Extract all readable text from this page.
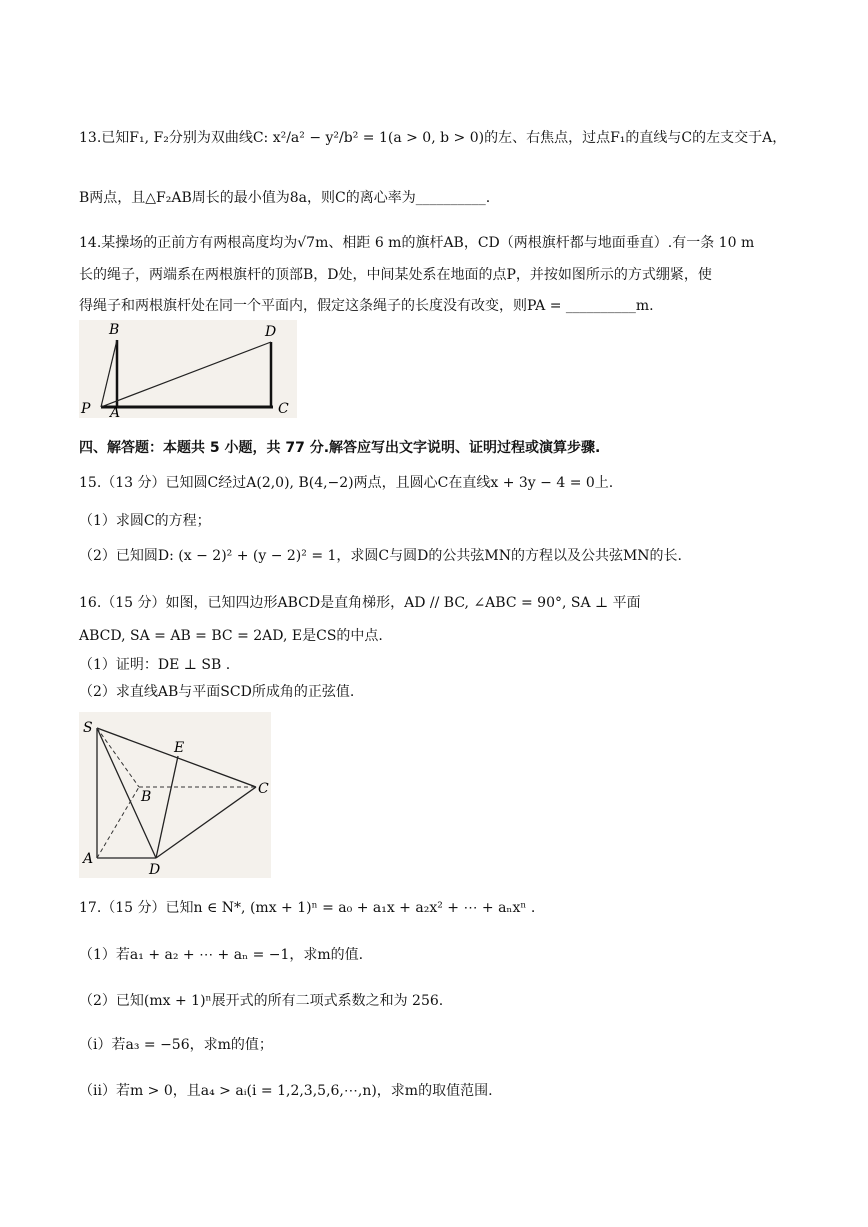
13.已知F₁, F₂分别为双曲线C: x²/a² − y²/b² = 1(a > 0, b > 0)的左、右焦点，过点F₁的直线与C的左支交于A，
B两点，且△F₂AB周长的最小值为8a，则C的离心率为__________.
14.某操场的正前方有两根高度均为√7m、相距 6 m的旗杆AB，CD（两根旗杆都与地面垂直）.有一条 10 m
长的绳子，两端系在两根旗杆的顶部B，D处，中间某处系在地面的点P，并按如图所示的方式绷紧，使
得绳子和两根旗杆处在同一个平面内，假定这条绳子的长度没有改变，则PA = __________m.
B	D
P A	C
四、解答题：本题共 5 小题，共 77 分.解答应写出文字说明、证明过程或演算步骤.
15.（13 分）已知圆C经过A(2,0), B(4,−2)两点，且圆心C在直线x + 3y − 4 = 0上.
（1）求圆C的方程；
（2）已知圆D: (x − 2)² + (y − 2)² = 1，求圆C与圆D的公共弦MN的方程以及公共弦MN的长.
16.（15 分）如图，已知四边形ABCD是直角梯形，AD // BC, ∠ABC = 90°, SA ⊥ 平面
ABCD, SA = AB = BC = 2AD, E是CS的中点.
（1）证明：DE ⊥ SB .
（2）求直线AB与平面SCD所成角的正弦值.
S
E
B	C
A
D
17.（15 分）已知n ∈ N*, (mx + 1)ⁿ = a₀ + a₁x + a₂x² + ⋯ + aₙxⁿ .
（1）若a₁ + a₂ + ⋯ + aₙ = −1，求m的值.
（2）已知(mx + 1)ⁿ展开式的所有二项式系数之和为 256.
（i）若a₃ = −56，求m的值；
（ii）若m > 0，且a₄ > aᵢ(i = 1,2,3,5,6,⋯,n)，求m的取值范围.
